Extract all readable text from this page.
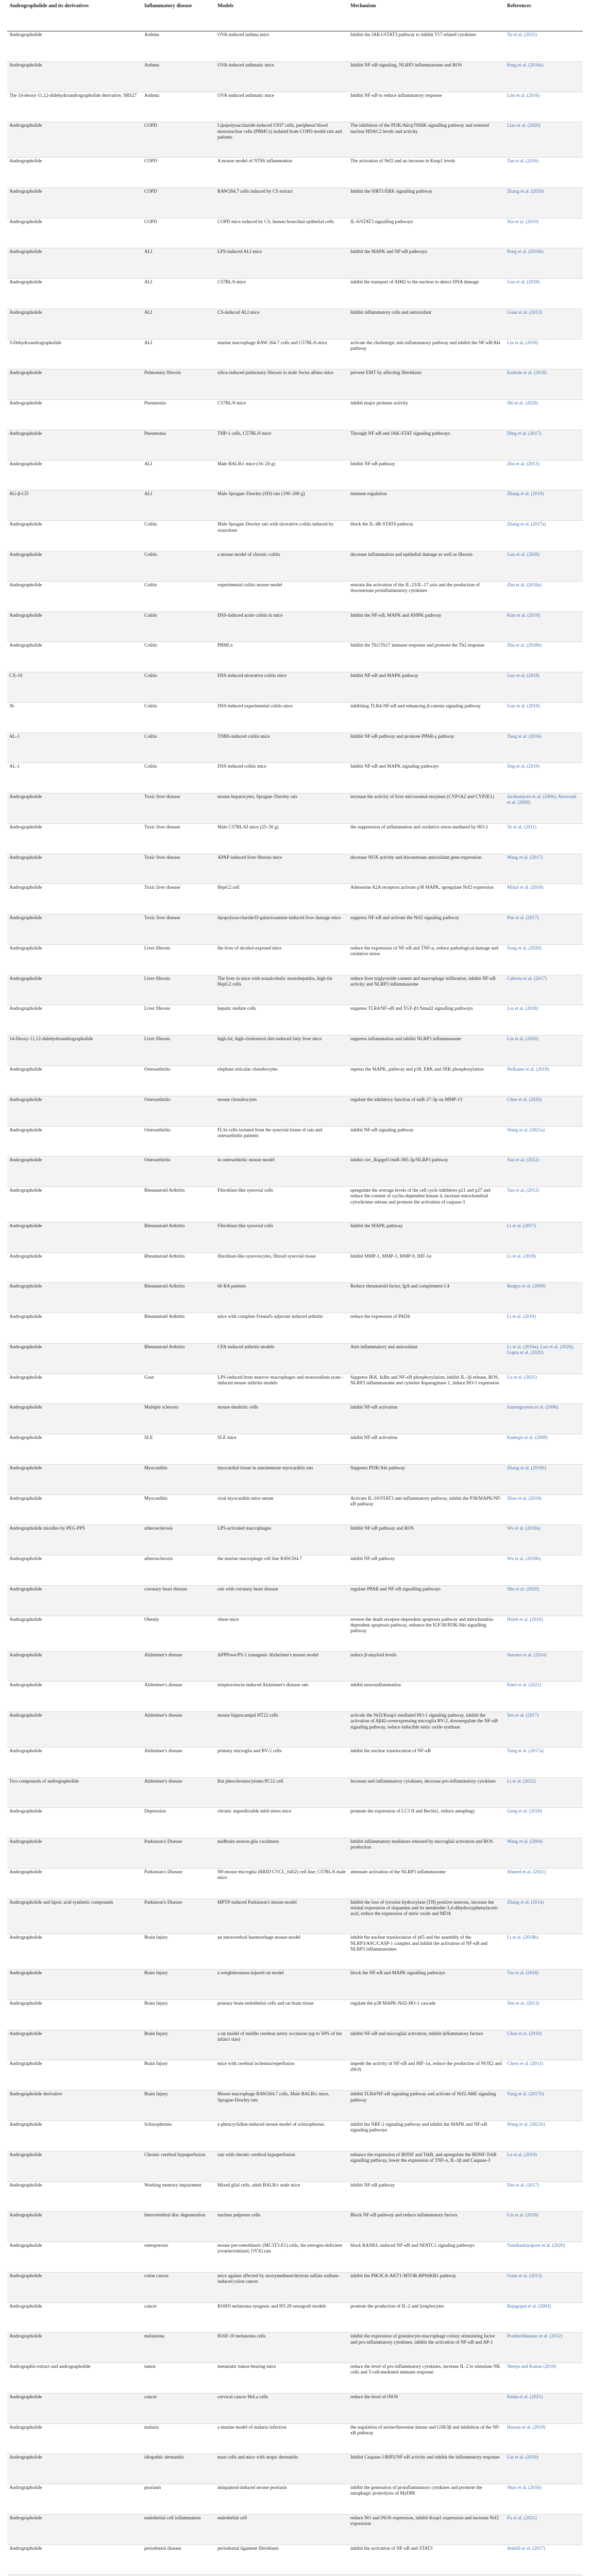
Andrographolide and its derivatives	Inflammatory disease	Models	Mechanism	References
Andrographolide	Asthma	OVA-induced asthma mice	Inhibit the JAK1/STAT3 pathway to inhibit T17 related cytokines	Yu et al. (2021)
Andrographolide	Asthma	OVA-induced asthmatic mice	Inhibit NF-κB signaling, NLRP3 inflammasome and ROS	Peng et al. (2016a)
The 14-deoxy-11,12-didehydroandrographolide derivative, SRS27	Asthma	OVA-induced asthmatic mice	Inhibit NF-κB to reduce inflammatory response	Lim et al. (2016)
Andrographolide	COPD	Lipopolysaccharide-induced U937 cells, peripheral blood mononuclear cells (PBMCs) isolated from COPD model rats and patients	The inhibition of the PI3K/Akt/p70S6K signalling pathway and restored nuclear HDAC2 levels and activity	Liao et al. (2020)
Andrographolide	COPD	A mouse model of NTHi inflammation	The activation of Nrf2 and an increase in Keap1 levels	Tan et al. (2016)
Andrographolide	COPD	RAW264.7 cells induced by CS extract	Inhibit the SIRT1/ERK signalling pathway	Zhang et al. (2020)
Andrographolide	COPD	COPD mice induced by CS, human bronchial epithelial cells	IL-6/STAT3 signalling pathways	Xia et al. (2019)
Andrographolide	ALI	LPS-induced ALI mice	Inhibit the MAPK and NF-κB pathways	Peng et al. (2016b)
Andrographolide	ALI	C57BL/6 mice	inhibit the transport of AIM2 to the nucleus to detect DNA damage	Gao et al. (2019)
Andrographolide	ALI	CS-induced ALI mice	Inhibit inflammatory cells and antioxidant	Guan et al. (2013)
3-Dehydroandrographolide	ALI	murine macrophage RAW 264.7 cells and C57BL/6 mice	activate the cholinergic anti-inflammatory pathway and inhibit the NF-κB/Akt pathway	Liu et al. (2018)
Andrographolide	Pulmonary fibrosis	silica-induced pulmonary fibrosis in male Swiss albino mice	prevent EMT by affecting fibroblasts	Karkale et al. (2018)
Andrographolide	Pneumonia	C57BL/6 mice	inhibit major protease activity	Shi et al. (2020)
Andrographolide	Pneumonia	THP-1 cells, C57BL/6 mice	Through NF-κB and JAK-STAT signaling pathways	Ding et al. (2017)
Andrographolide	ALI	Male BALB/c mice (16–20 g)	Inhibit NF-κB pathway	Zhu et al. (2013)
AG-β-CD	ALI	Male Sprague–Dawley (SD) rats (190–200 g)	immune regulation	Zhang et al. (2019)
Andrographolide	Colitis	Male Sprague Dawley rats with ulcerative colitis induced by oxazolone	block the IL-4R-STAT6 pathway	Zhang et al. (2017a)
Andrographolide	Colitis	a mouse model of chronic colitis	decrease inflammation and epithelial damage as well as fibrosis	Gao et al. (2020)
Andrographolide	Colitis	experimental colitis mouse model	restrain the activation of the IL-23/IL-17 axis and the production of downstream proinflammatory cytokines	Zhu et al. (2018a)
Andrographolide	Colitis	DSS-induced acute colitis in mice	Inhibit the NF-κB, MAPK and AMPK pathway	Kim et al. (2019)
Andrographolide	Colitis	PBMCs	Inhibit the Th1/Th17 immune response and promote the Th2 response	Zhu et al. (2018b)
CX-10	Colitis	DSS-induced ulcerative colitis mice	Inhibit NF-κB and MAPK pathway	Gao et al. (2018)
3b	Colitis	DSS-induced experimental colitis mice	inhibiting TLR4-NF-κB and enhancing β-catenin signaling pathway	Guo et al. (2019)
AL-1	Colitis	TNBS-induced colitis mice	Inhibit NF-κB pathway and promote PPAR-γ pathway	Yang et al. (2016)
AL-1	Colitis	DSS-induced colitis mice	Inhibit NF-κB and MAPK signaling pathways	Jing et al. (2019)
Andrographolide	Toxic liver disease	mouse hepatocytes, Sprague–Dawley rats	increase the activity of liver microsomal enzymes (CYP1A2 and CYP2E1)	Jarukamjorn et al. (2006); Akowuah et al. (2009)
Andrographolide	Toxic liver disease	Male C57BL/6J mice (25–30 g)	the suppression of inflammation and oxidative stress mediated by HO-1	Ye et al. (2011)
Andrographolide	Toxic liver disease	APAP-induced liver fibrosis mice	decrease NOX activity and downstream antioxidant gene expression	Wang et al. (2017)
Andrographolide	Toxic liver disease	HepG2 cell	Adenosine A2A receptors activate p38 MAPK, upregulate Nrf2 expression	Mittal et al. (2016)
Andrographolide	Toxic liver disease	lipopolysaccharide/D-galactosamine-induced liver damage mice	suppress NF-κB and activate the Nrf2 signaling pathway	Pan et al. (2017)
Andrographolide	Liver fibrosis	the liver of alcohol-exposed mice	reduce the expression of NF-κB and TNF-α, reduce pathological damage and oxidative stress	Song et al. (2020)
Andrographolide	Liver fibrosis	The liver in mice with nonalcoholic steatohepatitis, high-fat HepG2 cells	reduce liver triglyceride content and macrophage infiltration, inhibit NF-κB activity and NLRP3 inflammasome	Cabrera et al. (2017)
Andrographolide	Liver fibrosis	hepatic stellate cells	suppress TLR4/NF-κB and TGF-β1/Smad2 signalling pathways	Liu et al. (2018)
14-Deoxy-11,12-didehydroandrographolide	Liver fibrosis	high-fat, high-cholesterol diet-induced fatty liver mice	suppress inflammation and inhibit NLRP3 inflammasome	Liu et al. (2020)
Andrographolide	Osteoarthritis	elephant articular chondrocytes	repress the MAPK, pathway and p38, ERK and JNK phosphorylation	Nelkame et al. (2019)
Andrographolide	Osteoarthritis	mouse chondrocytes	regulate the inhibitory function of miR-27-3p on MMP-13	Chen et al. (2020)
Andrographolide	Osteoarthritis	FLSs cells isolated from the synovial tissue of rats and osteoarthritis patients	inhibit NF-κB signaling pathway	Wang et al. (2021a)
Andrographolide	Osteoarthritis	in osteoarthritic mouse model	inhibit circ_Rapgef1/miR-383-3p/NLRP3 pathway	Yan et al. (2022)
Andrographolide	Rheumatoid Arthritis	Fibroblast-like synovial cells	upregulate the average levels of the cell cycle inhibitors p21 and p27 and reduce the content of cyclin-dependent kinase 4, increase mitochondrial cytochrome release and promote the activation of caspase-3	Yan et al. (2012)
Andrographolide	Rheumatoid Arthritis	Fibroblast-like synovial cells	Inhibit the MAPK pathway	Li et al. (2017)
Andrographolide	Rheumatoid Arthritis	fibroblast-like synoviocytes, fibroid synovial tissue	Inhibit MMP-1, MMP-3, MMP-9, HIF-1α	Li et al. (2019)
Andrographolide	Rheumatoid Arthritis	60 RA patients	Reduce rheumatoid factor, IgA and complement C4	Burgos et al. (2009)
Andrographolide	Rheumatoid Arthritis	mice with complete Freund's adjuvant induced arthritis	reduce the expression of PAD4	Li et al. (2019)
Andrographolide	Rheumatoid Arthritis	CFA-induced arthritis models	Anti-inflammatory and antioxidant	Li et al. (2016a); Luo et al. (2020); Gupta et al. (2020)
Andrographolide	Gout	LPS-induced bone marrow macrophages and monosodium urate -induced mouse arthritis models	Suppress IKK, IκBα and NF-κB phosphorylation, inhibit IL-1β release, ROS, NLRP3 inflammasome and cysteine Asparaginase 1, induce HO-1 expression	Lo et al. (2021)
Andrographolide	Multiple sclerosis	mouse dendritic cells	inhibit NF-κB activation	Iruretagoyena et al. (2006)
Andrographolide	SLE	SLE mice	inhibit NF-κB activation	Kalergis et al. (2009)
Andrographolide	Myocarditis	myocardial tissue in autoimmune myocarditis rats	Suppress PI3K/Akt pathway	Zhang et al. (2019b)
Andrographolide	Myocarditis	viral myocarditis mice serum	Activate IL-10/STAT3 anti-inflammatory pathway, inhibit the P38/MAPK/NF-κB pathway	Zhao et al. (2018)
Andrographolide micelles by PEG-PPS	atherosclerosis	LPS-activated macrophages	Inhibit NF-κB pathway and ROS	Wu et al. (2018a)
Andrographolide	atherosclerosis	the murine macrophage cell line RAW264.7	inhibit NF-κB pathway	Wu et al. (2018b)
Andrographolide	coronary heart disease	rats with coronary heart disease	regulate PPAR and NF-κB signalling pathways	Shu et al. (2020)
Andrographolide	Obesity	obese mice	reverse the death receptor-dependent apoptosis pathway and mitochondria-dependent apoptosis pathway, enhance the IGF1R/PI3K/Akt signalling pathway	Hsieh et al. (2016)
Andrographolide	Alzheimer's disease	APPPswe/PS-1 transgenic Alzheimer's mouse model	reduce β-amyloid levels	Serrano et al. (2014)
Andrographolide	Alzheimer's disease	streptozotocin-induced Alzheimer's disease rats	inhibit neuroinflammation	Patel et al. (2021)
Andrographolide	Alzheimer's disease	mouse hippocampal HT22 cells	activate the Nrf2/Keap1-mediated HO-1 signaling pathway, inhibit the activation of Aβ42-overexpressing microglia BV-2, downregulate the NF-κB signaling pathway, reduce inducible nitric oxide synthase	Seo et al. (2017)
Andrographolide	Alzheimer's disease	primary microglia and BV-2 cells	inhibit the nuclear translocation of NF-κB	Yang et al. (2017a)
Two compounds of andrographolide	Alzheimer's disease	Rat pheochromocytoma PC12 cell	Increase anti-inflammatory cytokines, decrease pro-inflammatory cytokines	Li et al. (2022)
Andrographolide	Depression	chronic unpredictable mild stress mice	promote the expression of LC3 II and Beclin1, reduce autophagy	Geng et al. (2019)
Andrographolide	Parkinson's Disease	midbrain neuron-glia cocultures	Inhibit inflammatory mediators released by microglial activation and ROS production	Wang et al. (2004)
Andrographolide	Parkinson's Disease	N9 mouse microglia (RRID CVCL_0452) cell line; C57BL/6 male mice	attenuate activation of the NLRP3 inflammasome	Ahmed et al. (2021)
Andrographolide and lipoic acid synthetic compounds	Parkinson's Disease	MPTP-induced Parkinson's mouse model	Inhibit the loss of tyrosine hydroxylase (TH) positive neurons, increase the striatal expression of dopamine and its metabolite 3,4-dihydroxyphenylacetic acid, reduce the expression of nitric oxide and MDA	Zhang et al. (2014)
Andrographolide	Brain Injury	an intracerebral haemorrhage mouse model	inhibit the nuclear translocation of p65 and the assembly of the NLRP3/ASC/CASP-1 complex and inhibit the activation of NF-κB and NLRP3 inflammasomes	Li et al. (2018b)
Andrographolide	Brain Injury	a weightlessness-injured rat model	block the NF-κB and MAPK signalling pathways	Tao et al. (2018)
Andrographolide	Brain Injury	primary brain endothelial cells and rat brain tissue	regulate the p38 MAPK-Nrf2-HO-1 cascade	Yen et al. (2013)
Andrographolide	Brain Injury	a rat model of middle cerebral artery occlusion (up to 50% of the infarct size)	inhibit NF-κB and microglial activation, inhibit inflammatory factors	Chan et al. (2010)
Andrographolide	Brain Injury	mice with cerebral ischemia/reperfusion	impede the activity of NF-κB and HIF-1α, reduce the production of NOX2 and iNOS	Chern et al. (2011)
Andrographolide derivative	Brain Injury	Mouse macrophage RAW264.7 cells, Male BALB/c mice, Sprague-Dawley rats	inhibit TLR4/NF-κB signaling pathway and activate of Nrf2-ARE signaling pathway	Yang et al. (2017b)
Andrographolide	Schizophrenia	a phencyclidine-induced mouse model of schizophrenia	inhibit the NRF-2 signaling pathway and inhibit the MAPK and NF-κB signaling pathways	Wang et al. (2021b)
Andrographolide	Chronic cerebral hypoperfusion	rats with chronic cerebral hypoperfusion	enhance the expression of BDNF and TrkB, and upregulate the BDNF-TrkB signalling pathway, lower the expression of TNF-α, IL-1β and Caspase-3	Lu et al. (2019)
Andrographolide	Working memory impairment	Mixed glial cells, adult BALB/c male mice	inhibit NF-κB pathway	Das et al. (2017)
Andrographolide	Intervertebral disc degeneration	nucleus pulposus cells	Block NF-κB pathway and reduce inflammatory factors	Liu et al. (2019)
Andrographolide	osteoporosis	mouse pre-osteoblastic (MC3T3-E1) cells, the estrogen-deficient (ovariectomized, OVX) rats	block RANKL-induced NF-κB and NFATC1 signaling pathways	Tantikanlayaporn et al. (2020)
Andrographolide	colon cancer	mice against affected by azoxymethane/dextran sulfate sodium-induced colon cancer	inhibit the PIK3CA-AKT1-MTOR-RPS6KB1 pathway	Guan et al. (2013)
Andrographolide	cancer	B16F0 melanoma syngenic and HT-29 xenograft models	promote the production of IL-2 and lymphocytes	Rajagopal et al. (2003)
Andrographolide	melanoma	B16F-10 melanoma cells	inhibit the expression of granulocyte-macrophage colony stimulating factor and pro-inflammatory cytokines, inhibit the activation of NF-κB and AP-1	Pratheeshkumar et al. (2012)
Andrographis extract and andrographolide	tumor	metastatic tumor-bearing mice	reduce the level of pro-inflammatory cytokines, increase IL-2 to stimulate NK cells and T-cell-mediated immune response	Sheeja and Kuttan (2010)
Andrographolide	cancer	cervical cancer HeLa cells	reduce the level of iNOS	Pasha et al. (2021)
Andrographolide	malaria	a murine model of malaria infection	the regulation of serine/threonine kinase and GSK3β and inhibition of the NF-κB pathway	Hassan et al. (2019)
Andrographolide	idiopathic dermatitis	mast cells and mice with atopic dermatitis	Inhibit Caspase-1/RIP2/NF-κB activity and inhibit the inflammatory response	Lin et al. (2016)
Andrographolide	psoriasis	imiquimod-induced mouse psoriasis	inhibit the generation of proinflammatory cytokines and promote the autophagic proteolysis of MyD88	Shao et al. (2016)
Andrographolide	endothelial cell inflammation	endothelial cell	reduce NO and iNOS expression, inhibit Keap1 expression and increase Nrf2 expression	Fu et al. (2021)
Andrographolide	periodontal disease	periodontal ligament fibroblasts	inhibit the activation of NF-κB and STAT3	Ambili et al. (2017)
